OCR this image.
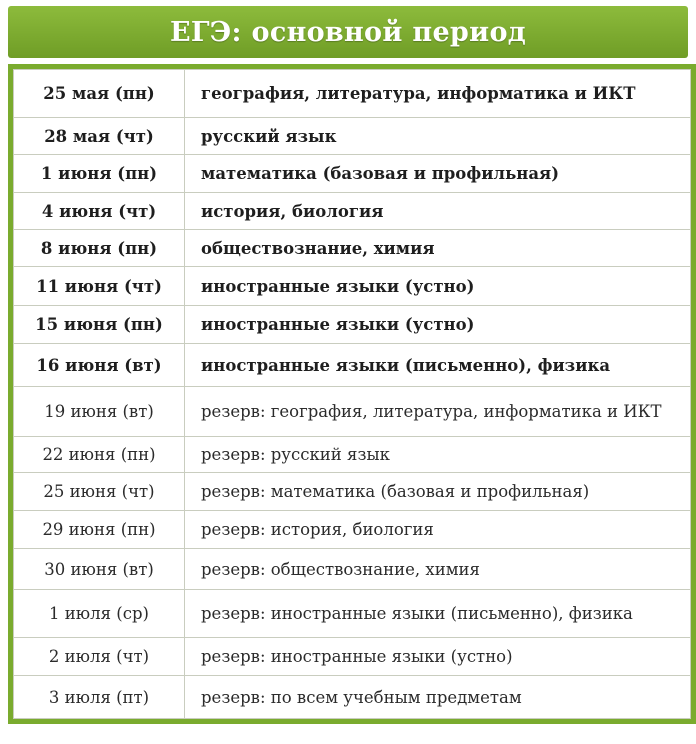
ЕГЭ: основной период
25 мая (пн)	география, литература, информатика и ИКТ
28 мая (чт)	русский язык
1 июня (пн)	математика (базовая и профильная)
4 июня (чт)	история, биология
8 июня (пн)	обществознание, химия
11 июня (чт)	иностранные языки (устно)
15 июня (пн)	иностранные языки (устно)
16 июня (вт)	иностранные языки (письменно), физика
19 июня (вт)	резерв: география, литература, информатика и ИКТ
22 июня (пн)	резерв: русский язык
25 июня (чт)	резерв: математика (базовая и профильная)
29 июня (пн)	резерв: история, биология
30 июня (вт)	резерв: обществознание, химия
1 июля (ср)	резерв: иностранные языки (письменно), физика
2 июля (чт)	резерв: иностранные языки (устно)
3 июля (пт)	резерв: по всем учебным предметам
